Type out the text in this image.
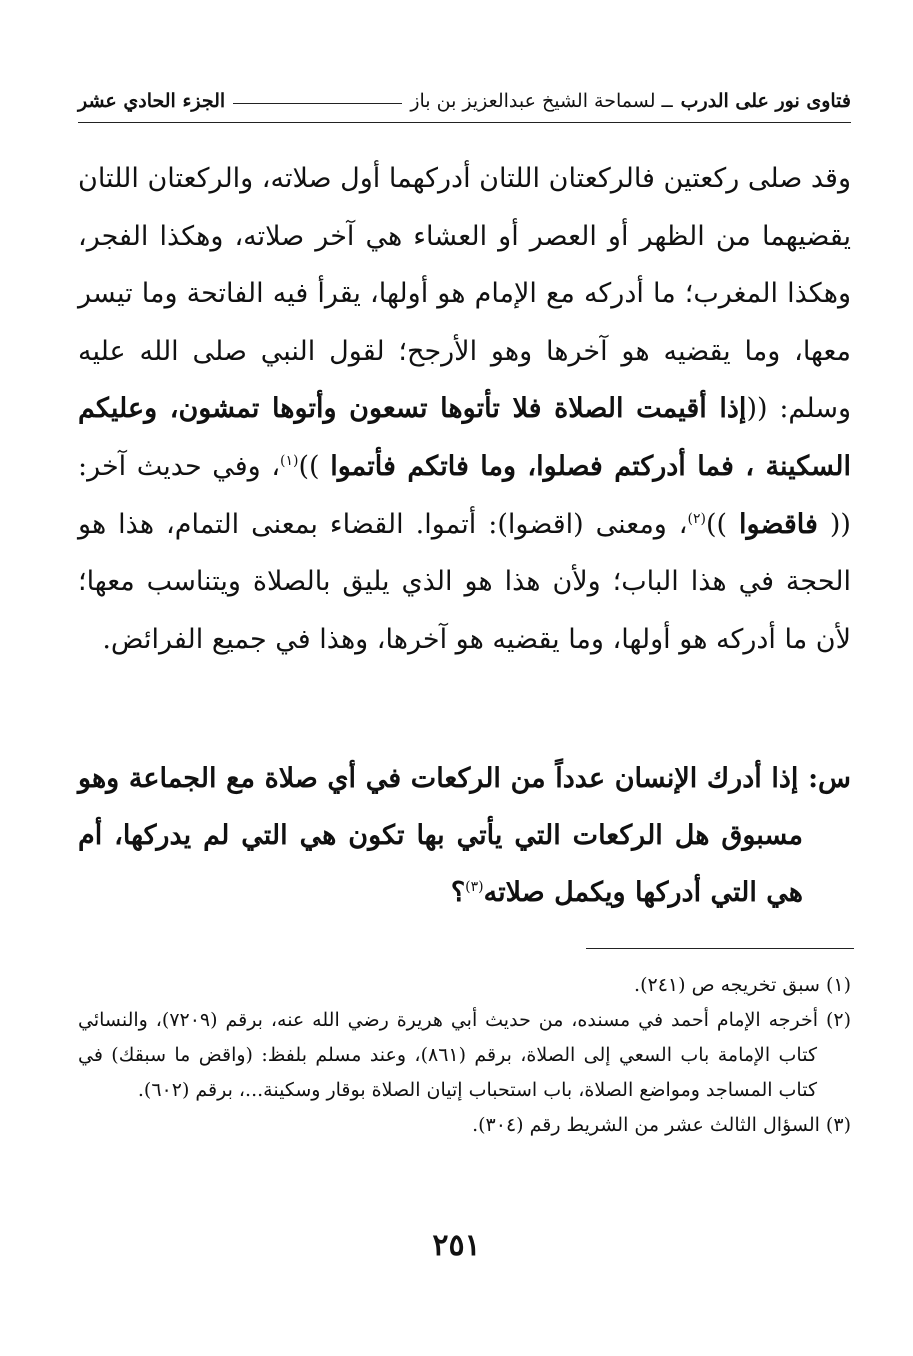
فتاوى نور على الدرب
ــ لسماحة الشيخ عبدالعزيز بن باز
الجزء الحادي عشر

وقد صلى ركعتين فالركعتان اللتان أدركهما أول صلاته، والركعتان اللتان يقضيهما من الظهر أو العصر أو العشاء هي آخر صلاته، وهكذا الفجر، وهكذا المغرب؛ ما أدركه مع الإمام هو أولها، يقرأ فيه الفاتحة وما تيسر معها، وما يقضيه هو آخرها وهو الأرجح؛ لقول النبي صلى الله عليه وسلم: ((إذا أقيمت الصلاة فلا تأتوها تسعون وأتوها تمشون، وعليكم السكينة ، فما أدركتم فصلوا، وما فاتكم فأتموا ))$^{(١)}$، وفي حديث آخر: (( فاقضوا ))$^{(٢)}$، ومعنى (اقضوا): أتموا. القضاء بمعنى التمام، هذا هو الحجة في هذا الباب؛ ولأن هذا هو الذي يليق بالصلاة ويتناسب معها؛ لأن ما أدركه هو أولها، وما يقضيه هو آخرها، وهذا في جميع الفرائض.

س: إذا أدرك الإنسان عدداً من الركعات في أي صلاة مع الجماعة وهو مسبوق هل الركعات التي يأتي بها تكون هي التي لم يدركها، أم هي التي أدركها ويكمل صلاته$^{(٣)}$؟

(١) سبق تخريجه ص (٢٤١).

(٢) أخرجه الإمام أحمد في مسنده، من حديث أبي هريرة رضي الله عنه، برقم (٧٢٠٩)، والنسائي كتاب الإمامة باب السعي إلى الصلاة، برقم (٨٦١)، وعند مسلم بلفظ: (واقض ما سبقك) في كتاب المساجد ومواضع الصلاة، باب استحباب إتيان الصلاة بوقار وسكينة...، برقم (٦٠٢).

(٣) السؤال الثالث عشر من الشريط رقم (٣٠٤).

٢٥١
